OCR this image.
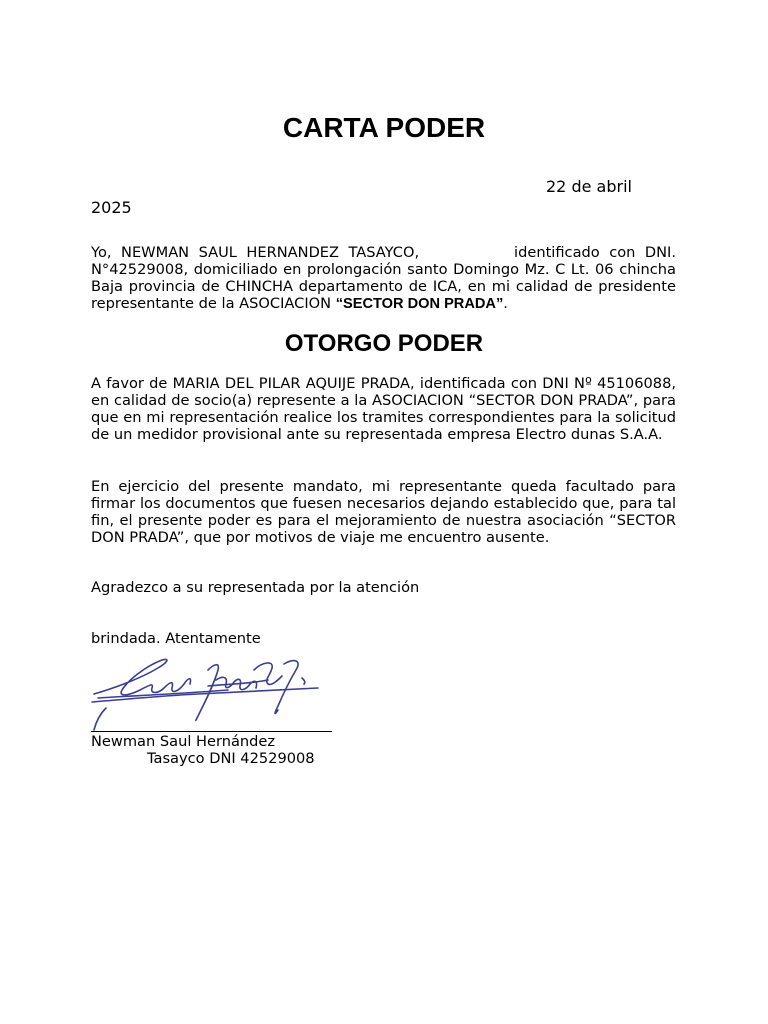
CARTA PODER
22 de abril
2025

Yo, NEWMAN SAUL HERNANDEZ TASAYCO,          identificado con DNI. N°42529008, domiciliado en prolongación santo Domingo Mz. C Lt. 06 chincha Baja provincia de CHINCHA departamento de ICA, en mi calidad de presidente representante de la ASOCIACION “SECTOR DON PRADA”.

OTORGO PODER

A favor de MARIA DEL PILAR AQUIJE PRADA, identificada con DNI Nº 45106088, en calidad de socio(a) represente a la ASOCIACION “SECTOR DON PRADA”, para que en mi representación realice los tramites correspondientes para la solicitud de un medidor provisional ante su representada empresa Electro dunas S.A.A.

En ejercicio del presente mandato, mi representante queda facultado para firmar los documentos que fuesen necesarios dejando establecido que, para tal fin, el presente poder es para el mejoramiento de nuestra asociación “SECTOR DON PRADA”, que por motivos de viaje me encuentro ausente.

Agradezco a su representada por la atención

brindada. Atentamente

Newman Saul Hernández
Tasayco DNI 42529008
